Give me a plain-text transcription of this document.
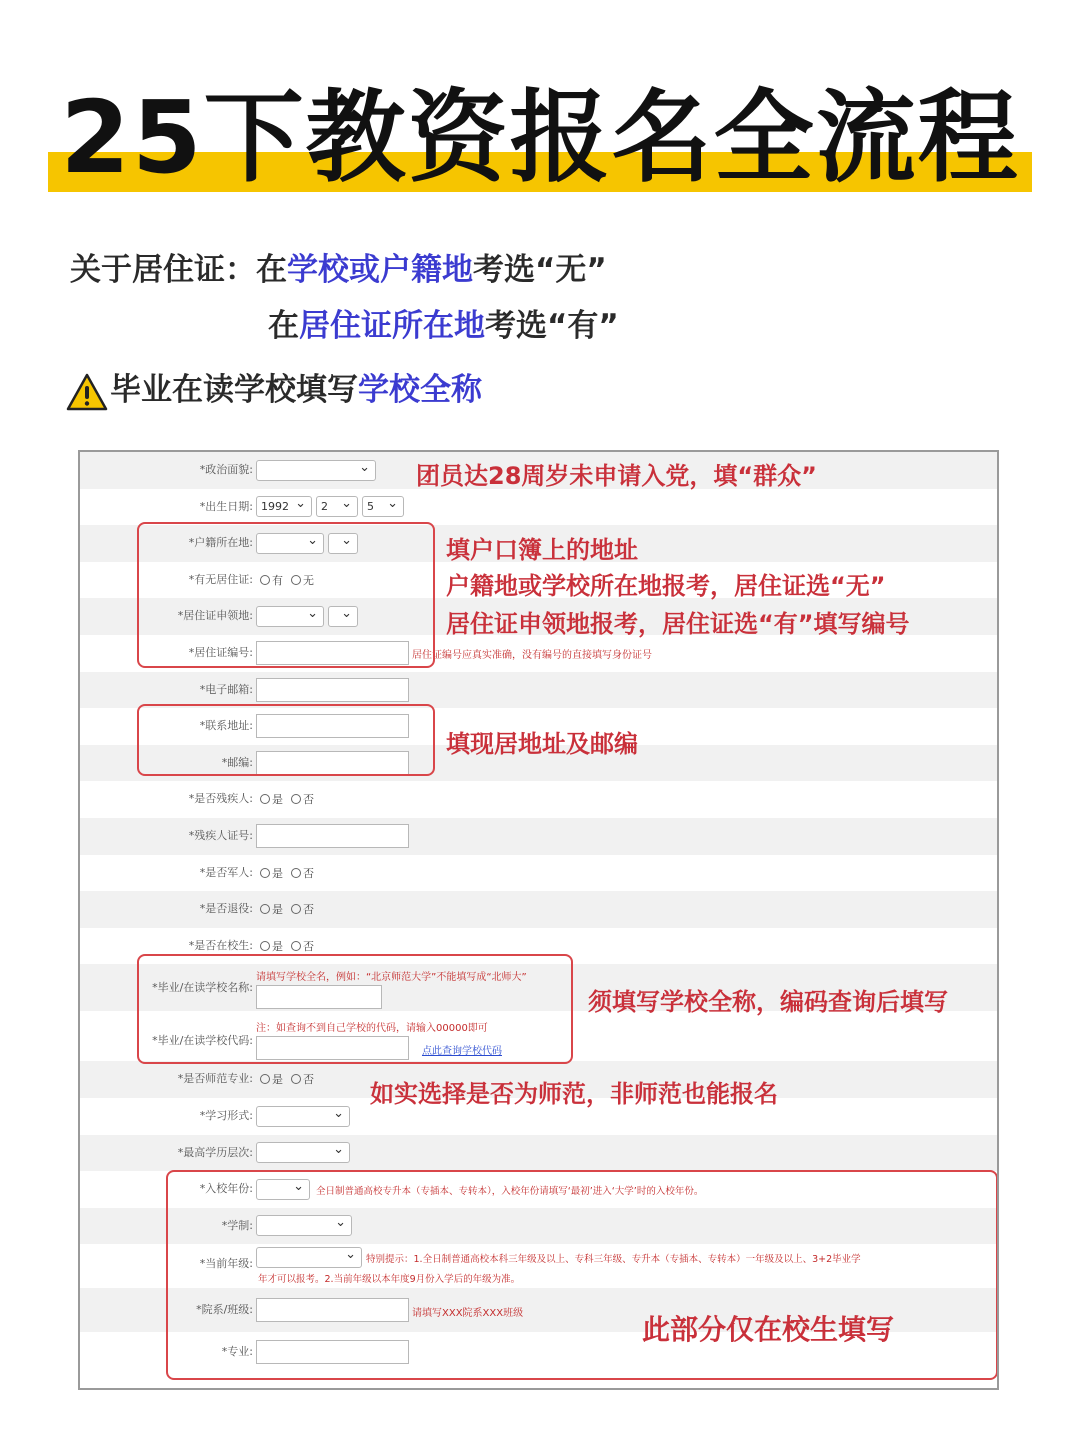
25下教资报名全流程
关于居住证：在学校或户籍地考选“无”
在居住证所在地考选“有”
毕业在读学校填写学校全称
*政治面貌:
⌄
*出生日期: 1992 ⌄	2 ⌄	5 ⌄
*户籍所在地:
⌄
⌄
*有无居住证: 有 无
*居住证申领地:
⌄
⌄
*居住证编号:	居住证编号应真实准确，没有编号的直接填写身份证号
*电子邮箱:
*联系地址:
*邮编:
*是否残疾人: 是 否
*残疾人证号:
*是否军人: 是 否
*是否退役: 是 否
*是否在校生: 是 否
*毕业/在读学校名称:
请填写学校全名，例如：“北京师范大学”不能填写成“北师大”
*毕业/在读学校代码:
注：如查询不到自己学校的代码，请输入00000即可
点此查询学校代码
*是否师范专业: 是 否
*学习形式:
⌄
*最高学历层次:
⌄
*入校年份: ⌄	全日制普通高校专升本（专插本、专转本），入校年份请填写‘最初’进入‘大学’时的入校年份。
*学制:
⌄
*当前年级: ⌄	特别提示：1.全日制普通高校本科三年级及以上、专科三年级、专升本（专插本、专转本）一年级及以上、3+2毕业学
年才可以报考。2.当前年级以本年度9月份入学后的年级为准。
*院系/班级:	请填写XXX院系XXX班级
*专业:
团员达28周岁未申请入党，填“群众”
填户口簿上的地址
户籍地或学校所在地报考，居住证选“无”
居住证申领地报考，居住证选“有”填写编号
填现居地址及邮编
须填写学校全称，编码查询后填写
如实选择是否为师范，非师范也能报名
此部分仅在校生填写
